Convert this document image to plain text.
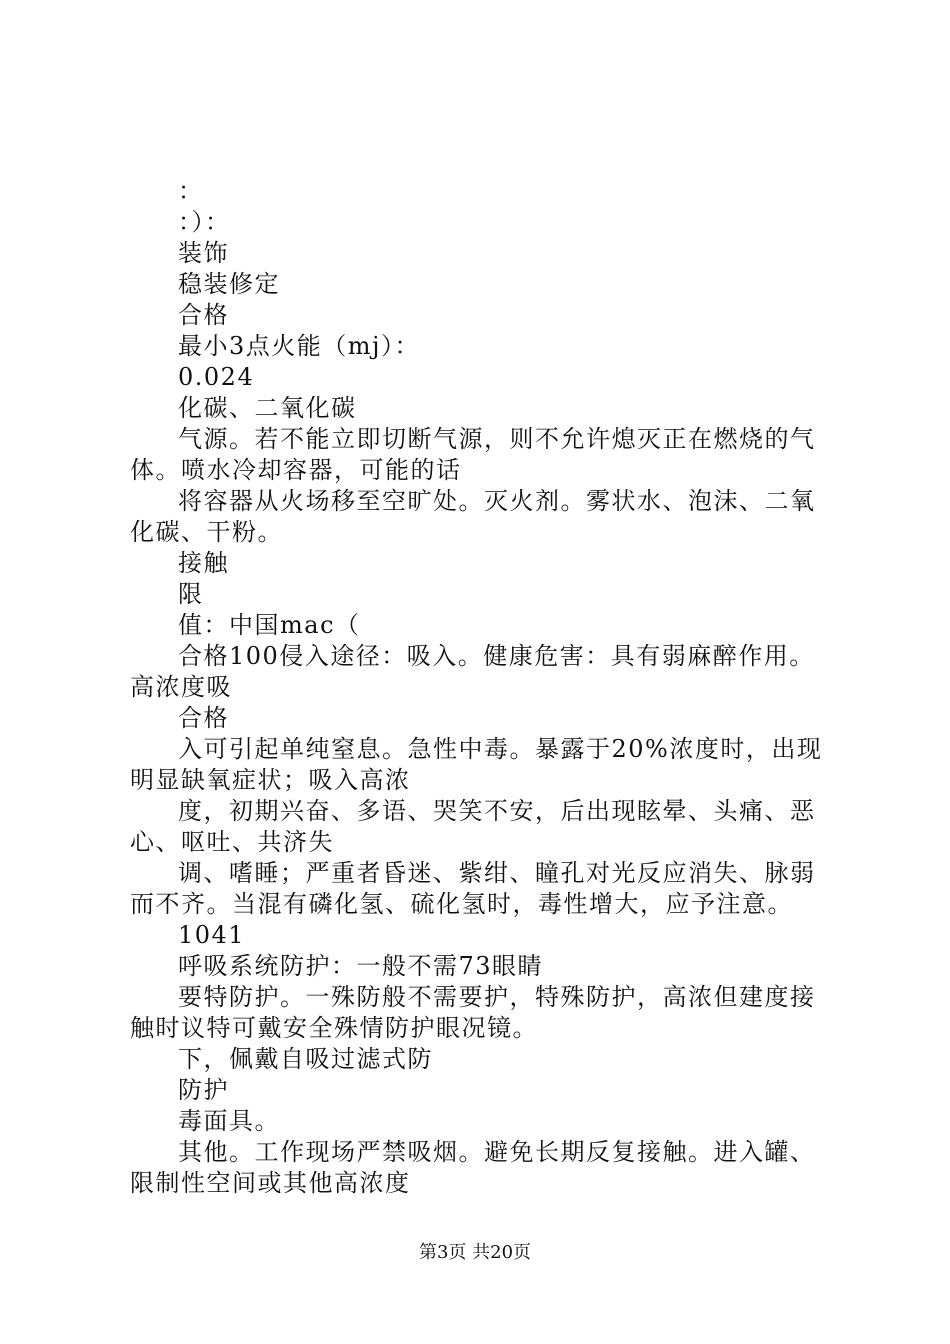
：

：）：

装饰

稳装修定

合格

最小3点火能（mj）：

0.024

化碳、二氧化碳

气源。若不能立即切断气源，则不允许熄灭正在燃烧的气体。喷水冷却容器，可能的话

将容器从火场移至空旷处。灭火剂。雾状水、泡沫、二氧化碳、干粉。

接触

限

值：中国mac（

合格100侵入途径：吸入。健康危害：具有弱麻醉作用。高浓度吸

合格

入可引起单纯窒息。急性中毒。暴露于20%浓度时，出现明显缺氧症状；吸入高浓

度，初期兴奋、多语、哭笑不安，后出现眩晕、头痛、恶心、呕吐、共济失

调、嗜睡；严重者昏迷、紫绀、瞳孔对光反应消失、脉弱而不齐。当混有磷化氢、硫化氢时，毒性增大，应予注意。

1041

呼吸系统防护：一般不需73眼睛

要特防护。一殊防般不需要护，特殊防护，高浓但建度接触时议特可戴安全殊情防护眼况镜。

下，佩戴自吸过滤式防

防护

毒面具。

其他。工作现场严禁吸烟。避免长期反复接触。进入罐、限制性空间或其他高浓度

第3页 共20页
